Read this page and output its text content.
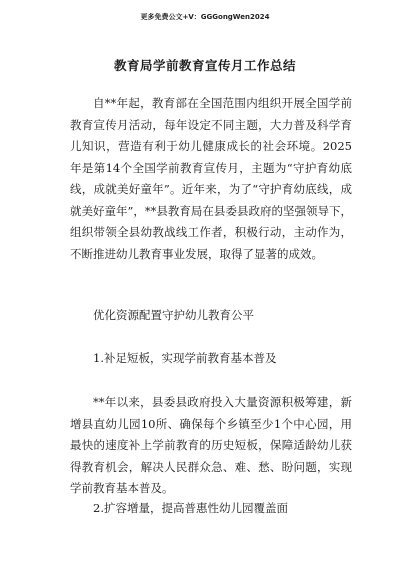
更多免费公文+V：GGGongWen2024
教育局学前教育宣传月工作总结

自**年起，教育部在全国范围内组织开展全国学前教育宣传月活动，每年设定不同主题，大力普及科学育儿知识，营造有利于幼儿健康成长的社会环境。2025年是第14个全国学前教育宣传月，主题为“守护育幼底线，成就美好童年”。近年来，为了“守护育幼底线，成就美好童年”，**县教育局在县委县政府的坚强领导下，组织带领全县幼教战线工作者，积极行动，主动作为，不断推进幼儿教育事业发展，取得了显著的成效。

优化资源配置守护幼儿教育公平

1.补足短板，实现学前教育基本普及

**年以来，县委县政府投入大量资源积极筹建，新增县直幼儿园10所、确保每个乡镇至少1个中心园，用最快的速度补上学前教育的历史短板，保障适龄幼儿获得教育机会，解决人民群众急、难、愁、盼问题，实现学前教育基本普及。

2.扩容增量，提高普惠性幼儿园覆盖面
